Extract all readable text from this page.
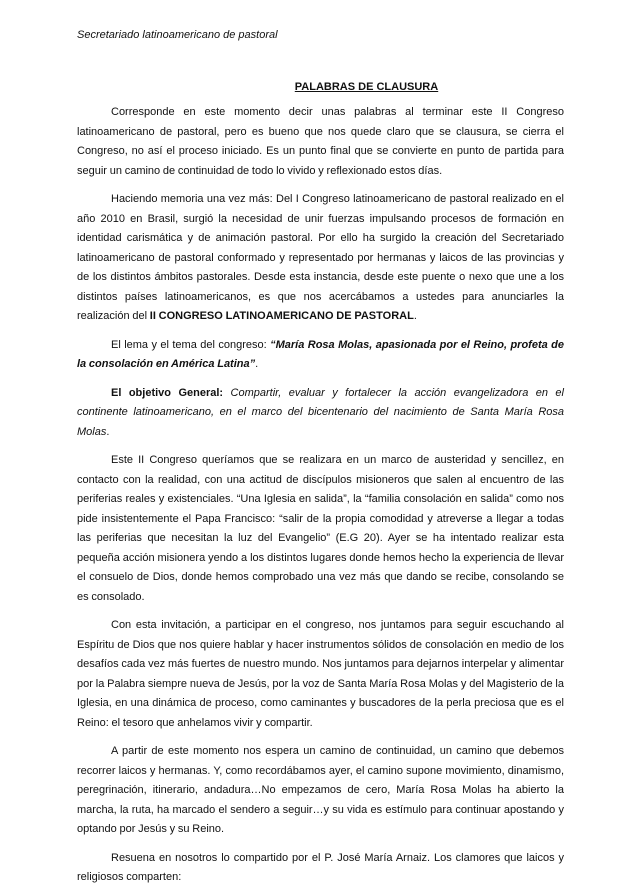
Secretariado latinoamericano de pastoral
PALABRAS DE CLAUSURA

Corresponde en este momento decir unas palabras al terminar este II Congreso latinoamericano de pastoral, pero es bueno que nos quede claro que se clausura, se cierra el Congreso, no así el proceso iniciado. Es un punto final que se convierte en punto de partida para seguir un camino de continuidad de todo lo vivido y reflexionado estos días.

Haciendo memoria una vez más: Del I Congreso latinoamericano de pastoral realizado en el año 2010 en Brasil, surgió la necesidad de unir fuerzas impulsando procesos de formación en identidad carismática y de animación pastoral. Por ello ha surgido la creación del Secretariado latinoamericano de pastoral conformado y representado por hermanas y laicos de las provincias y de los distintos ámbitos pastorales. Desde esta instancia, desde este puente o nexo que une a los distintos países latinoamericanos, es que nos acercábamos a ustedes para anunciarles la realización del II CONGRESO LATINOAMERICANO DE PASTORAL.

El lema y el tema del congreso: “María Rosa Molas, apasionada por el Reino, profeta de la consolación en América Latina”.

El objetivo General: Compartir, evaluar y fortalecer la acción evangelizadora en el continente latinoamericano, en el marco del bicentenario del nacimiento de Santa María Rosa Molas.

Este II Congreso queríamos que se realizara en un marco de austeridad y sencillez, en contacto con la realidad, con una actitud de discípulos misioneros que salen al encuentro de las periferias reales y existenciales. “Una Iglesia en salida”, la “familia consolación en salida” como nos pide insistentemente el Papa Francisco: “salir de la propia comodidad y atreverse a llegar a todas las periferias que necesitan la luz del Evangelio” (E.G 20). Ayer se ha intentado realizar esta pequeña acción misionera yendo a los distintos lugares donde hemos hecho la experiencia de llevar el consuelo de Dios, donde hemos comprobado una vez más que dando se recibe, consolando se es consolado.

Con esta invitación, a participar en el congreso, nos juntamos para seguir escuchando al Espíritu de Dios que nos quiere hablar y hacer instrumentos sólidos de consolación en medio de los desafíos cada vez más fuertes de nuestro mundo. Nos juntamos para dejarnos interpelar y alimentar por la Palabra siempre nueva de Jesús, por la voz de Santa María Rosa Molas y del Magisterio de la Iglesia, en una dinámica de proceso, como caminantes y buscadores de la perla preciosa que es el Reino: el tesoro que anhelamos vivir y compartir.

A partir de este momento nos espera un camino de continuidad, un camino que debemos recorrer laicos y hermanas. Y, como recordábamos ayer, el camino supone movimiento, dinamismo, peregrinación, itinerario, andadura…No empezamos de cero, María Rosa Molas ha abierto la marcha, la ruta, ha marcado el sendero a seguir…y su vida es estímulo para continuar apostando y optando por Jesús y su Reino.

Resuena en nosotros lo compartido por el P. José María Arnaiz. Los clamores que laicos y religiosos comparten:
